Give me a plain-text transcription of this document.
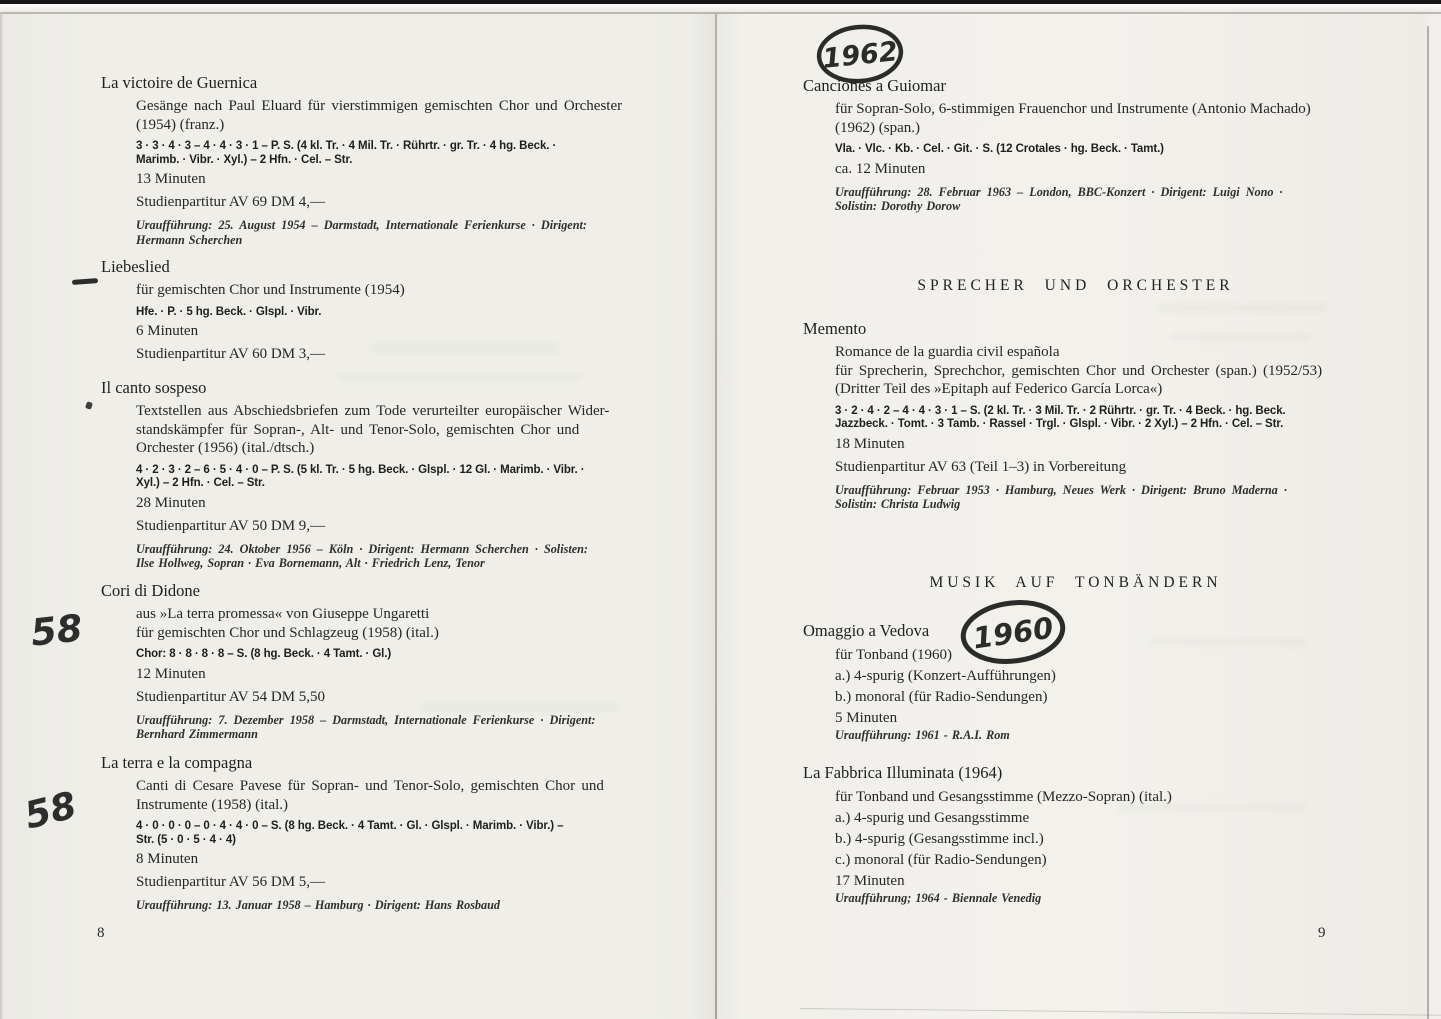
La victoire de Guernica
Gesänge nach Paul Eluard für vierstimmigen gemischten Chor und Orchester
(1954) (franz.)
3 · 3 · 4 · 3 – 4 · 4 · 3 · 1 – P. S. (4 kl. Tr. · 4 Mil. Tr. · Rührtr. · gr. Tr. · 4 hg. Beck. ·
Marimb. · Vibr. · Xyl.) – 2 Hfn. · Cel. – Str.
13 Minuten
Studienpartitur AV 69 DM 4,—
Uraufführung: 25. August 1954 – Darmstadt, Internationale Ferienkurse · Dirigent:
Hermann Scherchen
Liebeslied
für gemischten Chor und Instrumente (1954)
Hfe. · P. · 5 hg. Beck. · Glspl. · Vibr.
6 Minuten
Studienpartitur AV 60 DM 3,—
Il canto sospeso
Textstellen aus Abschiedsbriefen zum Tode verurteilter europäischer Wider-
standskämpfer für Sopran-, Alt- und Tenor-Solo, gemischten Chor und
Orchester (1956) (ital./dtsch.)
4 · 2 · 3 · 2 – 6 · 5 · 4 · 0 – P. S. (5 kl. Tr. · 5 hg. Beck. · Glspl. · 12 Gl. · Marimb. · Vibr. ·
Xyl.) – 2 Hfn. · Cel. – Str.
28 Minuten
Studienpartitur AV 50 DM 9,—
Uraufführung: 24. Oktober 1956 – Köln · Dirigent: Hermann Scherchen · Solisten:
Ilse Hollweg, Sopran · Eva Bornemann, Alt · Friedrich Lenz, Tenor
Cori di Didone
aus »La terra promessa« von Giuseppe Ungaretti
für gemischten Chor und Schlagzeug (1958) (ital.)
Chor: 8 · 8 · 8 · 8 – S. (8 hg. Beck. · 4 Tamt. · Gl.)
12 Minuten
Studienpartitur AV 54 DM 5,50
Uraufführung: 7. Dezember 1958 – Darmstadt, Internationale Ferienkurse · Dirigent:
Bernhard Zimmermann
La terra e la compagna
Canti di Cesare Pavese für Sopran- und Tenor-Solo, gemischten Chor und
Instrumente (1958) (ital.)
4 · 0 · 0 · 0 – 0 · 4 · 4 · 0 – S. (8 hg. Beck. · 4 Tamt. · Gl. · Glspl. · Marimb. · Vibr.) –
Str. (5 · 0 · 5 · 4 · 4)
8 Minuten
Studienpartitur AV 56 DM 5,—
Uraufführung: 13. Januar 1958 – Hamburg · Dirigent: Hans Rosbaud
58
58
8
1962
Canciones a Guiomar
für Sopran-Solo, 6-stimmigen Frauenchor und Instrumente (Antonio Machado)
(1962) (span.)
Vla. · Vlc. · Kb. · Cel. · Git. · S. (12 Crotales · hg. Beck. · Tamt.)
ca. 12 Minuten
Uraufführung: 28. Februar 1963 – London, BBC-Konzert · Dirigent: Luigi Nono ·
Solistin: Dorothy Dorow
SPRECHER UND ORCHESTER
Memento
Romance de la guardia civil española
für Sprecherin, Sprechchor, gemischten Chor und Orchester (span.) (1952/53)
(Dritter Teil des »Epitaph auf Federico García Lorca«)
3 · 2 · 4 · 2 – 4 · 4 · 3 · 1 – S. (2 kl. Tr. · 3 Mil. Tr. · 2 Rührtr. · gr. Tr. · 4 Beck. · hg. Beck.
Jazzbeck. · Tomt. · 3 Tamb. · Rassel · Trgl. · Glspl. · Vibr. · 2 Xyl.) – 2 Hfn. · Cel. – Str.
18 Minuten
Studienpartitur AV 63 (Teil 1–3) in Vorbereitung
Uraufführung: Februar 1953 · Hamburg, Neues Werk · Dirigent: Bruno Maderna ·
Solistin: Christa Ludwig
MUSIK AUF TONBÄNDERN
1960
Omaggio a Vedova
für Tonband (1960)
a.) 4-spurig (Konzert-Aufführungen)
b.) monoral (für Radio-Sendungen)
5 Minuten
Uraufführung: 1961 - R.A.I. Rom
La Fabbrica Illuminata (1964)
für Tonband und Gesangsstimme (Mezzo-Sopran) (ital.)
a.) 4-spurig und Gesangsstimme
b.) 4-spurig (Gesangsstimme incl.)
c.) monoral (für Radio-Sendungen)
17 Minuten
Uraufführung; 1964 - Biennale Venedig
9
